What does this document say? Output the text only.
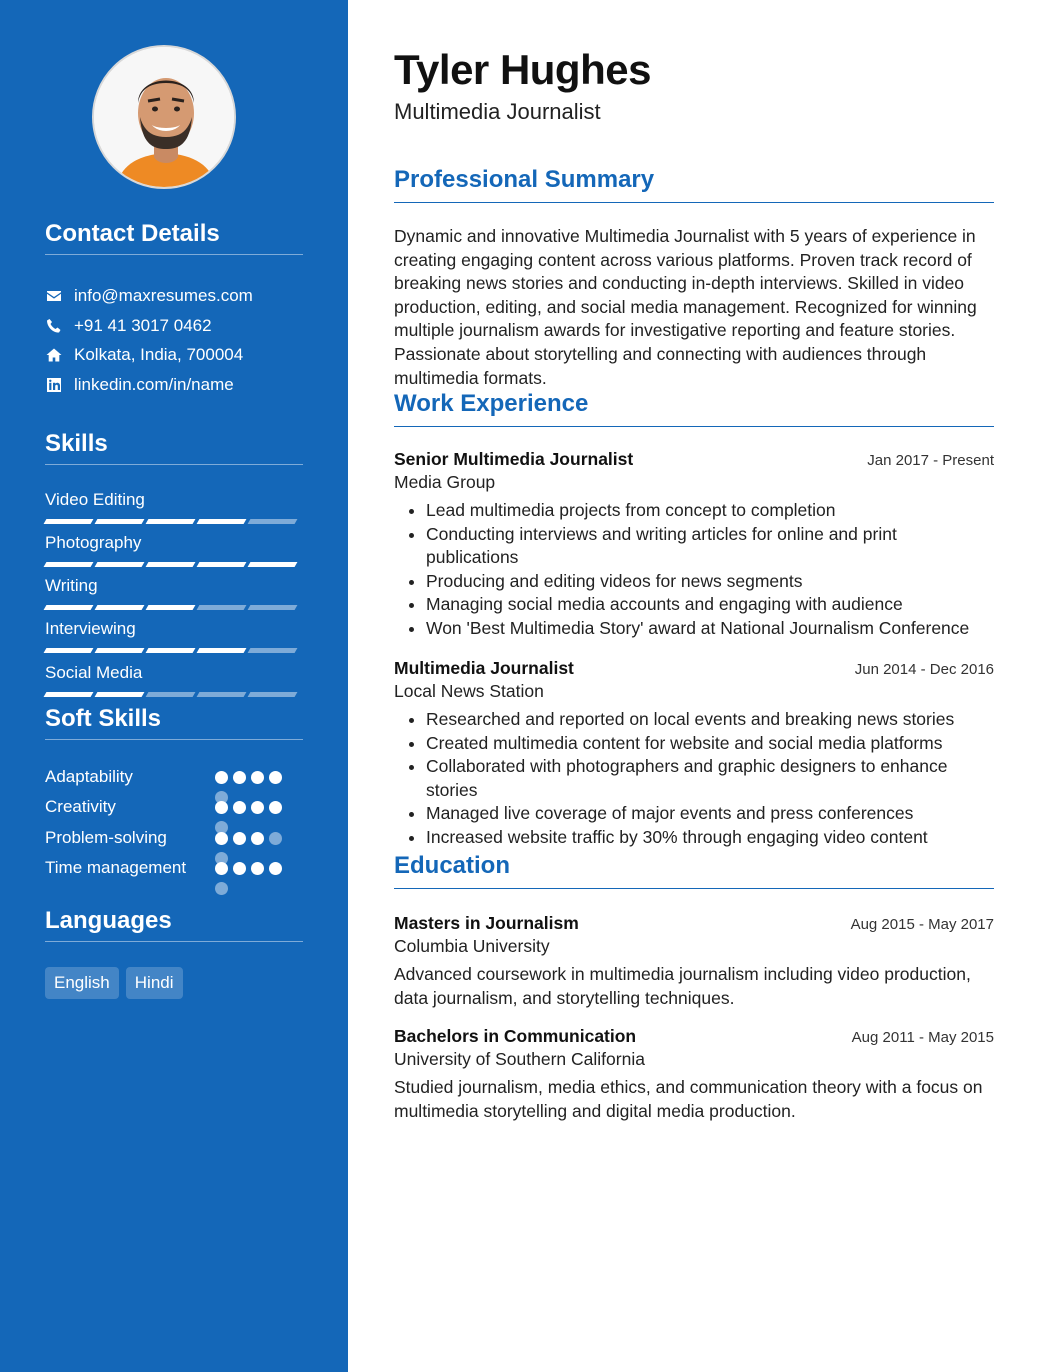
Contact Details
info@maxresumes.com
+91 41 3017 0462
Kolkata, India, 700004
linkedin.com/in/name
Skills
Video Editing
Photography
Writing
Interviewing
Social Media
Soft Skills
Adaptability
Creativity
Problem-solving
Time management
Languages
English	Hindi
Tyler Hughes
Multimedia Journalist
Professional Summary
Dynamic and innovative Multimedia Journalist with 5 years of experience in creating engaging content across various platforms. Proven track record of breaking news stories and conducting in-depth interviews. Skilled in video production, editing, and social media management. Recognized for winning multiple journalism awards for investigative reporting and feature stories. Passionate about storytelling and connecting with audiences through multimedia formats.
Work Experience
Senior Multimedia Journalist	Jan 2017 - Present
Media Group
• Lead multimedia projects from concept to completion
• Conducting interviews and writing articles for online and print publications
• Producing and editing videos for news segments
• Managing social media accounts and engaging with audience
• Won 'Best Multimedia Story' award at National Journalism Conference
Multimedia Journalist	Jun 2014 - Dec 2016
Local News Station
• Researched and reported on local events and breaking news stories
• Created multimedia content for website and social media platforms
• Collaborated with photographers and graphic designers to enhance stories
• Managed live coverage of major events and press conferences
• Increased website traffic by 30% through engaging video content
Education
Masters in Journalism	Aug 2015 - May 2017
Columbia University
Advanced coursework in multimedia journalism including video production, data journalism, and storytelling techniques.
Bachelors in Communication	Aug 2011 - May 2015
University of Southern California
Studied journalism, media ethics, and communication theory with a focus on multimedia storytelling and digital media production.
